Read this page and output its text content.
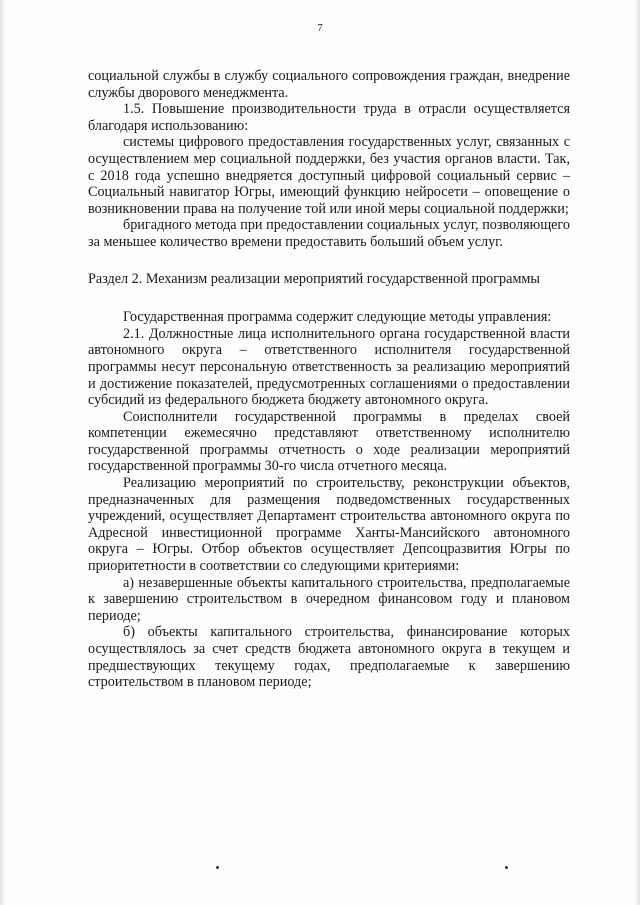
7

социальной службы в службу социального сопровождения граждан, внедрение службы дворового менеджмента.

1.5. Повышение производительности труда в отрасли осуществляется благодаря использованию:

системы цифрового предоставления государственных услуг, связанных с осуществлением мер социальной поддержки, без участия органов власти. Так, с 2018 года успешно внедряется доступный цифровой социальный сервис – Социальный навигатор Югры, имеющий функцию нейросети – оповещение о возникновении права на получение той или иной меры социальной поддержки;

бригадного метода при предоставлении социальных услуг, позволяющего за меньшее количество времени предоставить больший объем услуг.

Раздел 2. Механизм реализации мероприятий государственной программы

Государственная программа содержит следующие методы управления:

2.1. Должностные лица исполнительного органа государственной власти автономного округа – ответственного исполнителя государственной программы несут персональную ответственность за реализацию мероприятий и достижение показателей, предусмотренных соглашениями о предоставлении субсидий из федерального бюджета бюджету автономного округа.

Соисполнители государственной программы в пределах своей компетенции ежемесячно представляют ответственному исполнителю государственной программы отчетность о ходе реализации мероприятий государственной программы 30-го числа отчетного месяца.

Реализацию мероприятий по строительству, реконструкции объектов, предназначенных для размещения подведомственных государственных учреждений, осуществляет Департамент строительства автономного округа по Адресной инвестиционной программе Ханты-Мансийского автономного округа – Югры. Отбор объектов осуществляет Депсоцразвития Югры по приоритетности в соответствии со следующими критериями:

а) незавершенные объекты капитального строительства, предполагаемые к завершению строительством в очередном финансовом году и плановом периоде;

б) объекты капитального строительства, финансирование которых осуществлялось за счет средств бюджета автономного округа в текущем и предшествующих текущему годах, предполагаемые к завершению строительством в плановом периоде;
